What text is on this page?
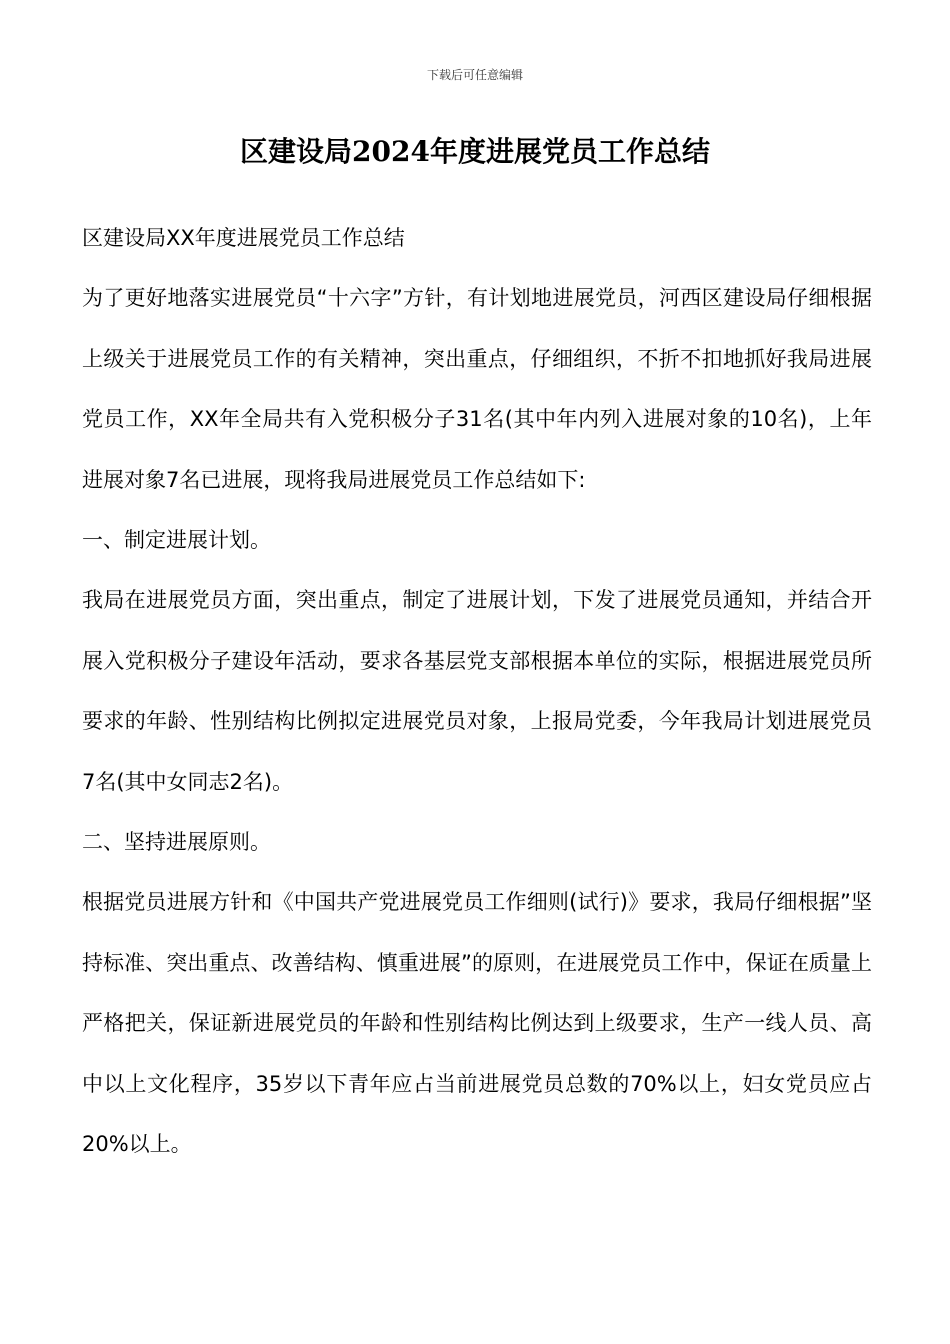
下载后可任意编辑
区建设局2024年度进展党员工作总结

区建设局XX年度进展党员工作总结

为了更好地落实进展党员“十六字”方针，有计划地进展党员，河西区建设局仔细根据上级关于进展党员工作的有关精神，突出重点，仔细组织，不折不扣地抓好我局进展党员工作，XX年全局共有入党积极分子31名(其中年内列入进展对象的10名)，上年进展对象7名已进展，现将我局进展党员工作总结如下:

一、制定进展计划。

我局在进展党员方面，突出重点，制定了进展计划，下发了进展党员通知，并结合开展入党积极分子建设年活动，要求各基层党支部根据本单位的实际，根据进展党员所要求的年龄、性别结构比例拟定进展党员对象，上报局党委，今年我局计划进展党员7名(其中女同志2名)。

二、坚持进展原则。

根据党员进展方针和《中国共产党进展党员工作细则(试行)》要求，我局仔细根据”坚持标准、突出重点、改善结构、慎重进展”的原则，在进展党员工作中，保证在质量上严格把关，保证新进展党员的年龄和性别结构比例达到上级要求，生产一线人员、高中以上文化程序，35岁以下青年应占当前进展党员总数的70%以上，妇女党员应占20%以上。
